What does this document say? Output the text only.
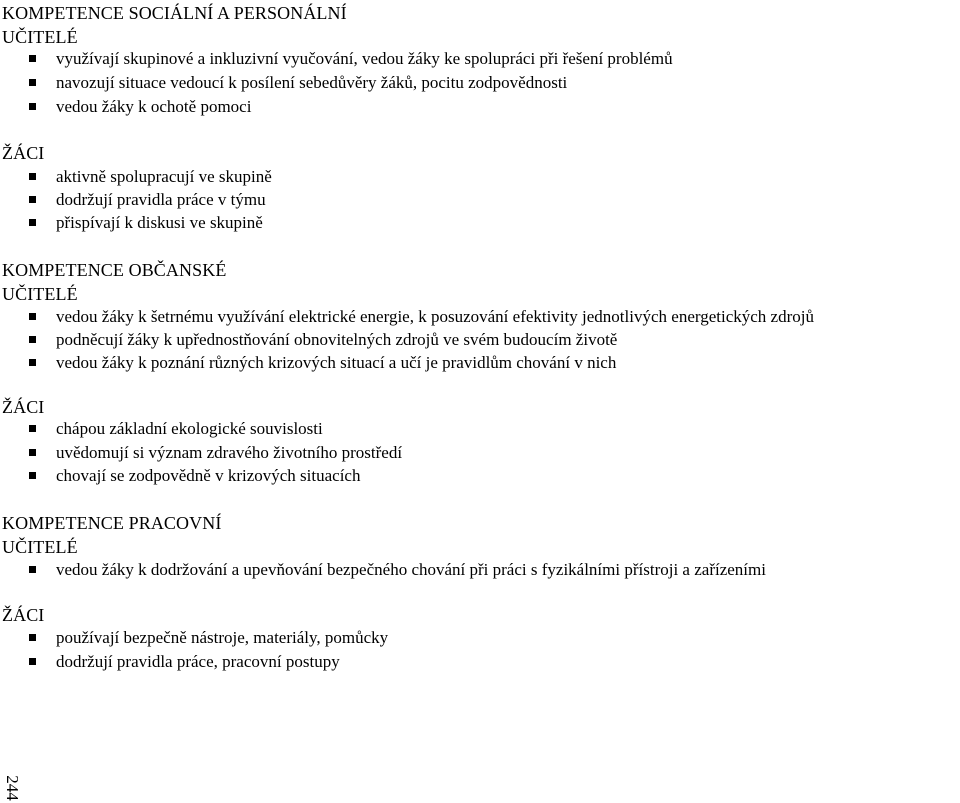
KOMPETENCE SOCIÁLNÍ A PERSONÁLNÍ
UČITELÉ
využívají skupinové a inkluzivní vyučování, vedou žáky ke spolupráci při řešení problémů
navozují situace vedoucí k posílení sebedůvěry žáků, pocitu zodpovědnosti
vedou žáky k ochotě pomoci
ŽÁCI
aktivně spolupracují ve skupině
dodržují pravidla práce v týmu
přispívají k diskusi ve skupině
KOMPETENCE OBČANSKÉ
UČITELÉ
vedou žáky k šetrnému využívání elektrické energie, k posuzování efektivity jednotlivých energetických zdrojů
podněcují žáky k upřednostňování obnovitelných zdrojů ve svém budoucím životě
vedou žáky k poznání různých krizových situací a učí je pravidlům chování v nich
ŽÁCI
chápou základní ekologické souvislosti
uvědomují si význam zdravého životního prostředí
chovají se zodpovědně v krizových situacích
KOMPETENCE PRACOVNÍ
UČITELÉ
vedou žáky k dodržování a upevňování bezpečného chování při práci s fyzikálními přístroji a zařízeními
ŽÁCI
používají bezpečně nástroje, materiály, pomůcky
dodržují pravidla práce, pracovní postupy
244
